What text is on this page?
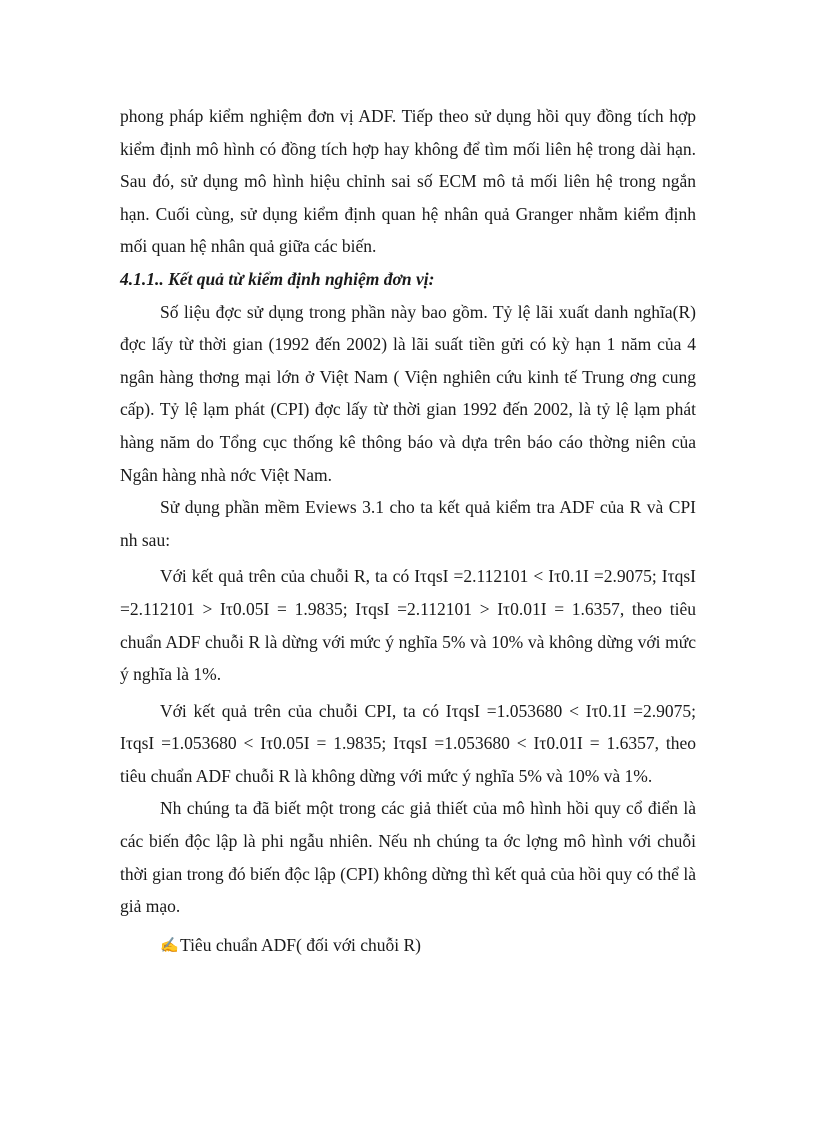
phong pháp kiểm nghiệm đơn vị ADF. Tiếp theo sử dụng hồi quy đồng tích hợp kiểm định mô hình có đồng tích hợp hay không để tìm mối liên hệ trong dài hạn. Sau đó, sử dụng mô hình hiệu chỉnh sai số ECM mô tả mối liên hệ trong ngắn hạn. Cuối cùng, sử dụng kiểm định quan hệ nhân quả Granger nhằm kiểm định mối quan hệ nhân quả giữa các biến.
4.1.1.. Kết quả từ kiểm định nghiệm đơn vị:
Số liệu đợc sử dụng trong phần này bao gồm. Tỷ lệ lãi xuất danh nghĩa(R) đợc lấy từ thời gian (1992 đến 2002) là lãi suất tiền gửi có kỳ hạn 1 năm của 4 ngân hàng thơng mại lớn ở Việt Nam ( Viện nghiên cứu kinh tế Trung ơng cung cấp). Tỷ lệ lạm phát (CPI) đợc lấy từ thời gian 1992 đến 2002, là tỷ lệ lạm phát hàng năm do Tổng cục thống kê thông báo và dựa trên báo cáo thờng niên của Ngân hàng nhà nớc Việt Nam.
Sử dụng phần mềm Eviews 3.1 cho ta kết quả kiểm tra ADF của R và CPI nh sau:
Với kết quả trên của chuỗi R, ta có IτqsI =2.112101 < Iτ0.1I =2.9075; IτqsI =2.112101 > Iτ0.05I = 1.9835; IτqsI =2.112101 > Iτ0.01I = 1.6357, theo tiêu chuẩn ADF chuỗi R là dừng với mức ý nghĩa 5% và 10% và không dừng với mức ý nghĩa là 1%.
Với kết quả trên của chuỗi CPI, ta có IτqsI =1.053680 < Iτ0.1I =2.9075; IτqsI =1.053680 < Iτ0.05I = 1.9835; IτqsI =1.053680 < Iτ0.01I = 1.6357, theo tiêu chuẩn ADF chuỗi R là không dừng với mức ý nghĩa 5% và 10% và 1%.
Nh chúng ta đã biết một trong các giả thiết của mô hình hồi quy cổ điển là các biến độc lập là phi ngẫu nhiên. Nếu nh chúng ta ớc lợng mô hình với chuỗi thời gian trong đó biến độc lập (CPI) không dừng thì kết quả của hồi quy có thể là giả mạo.
✍Tiêu chuẩn ADF( đối với chuỗi R)
